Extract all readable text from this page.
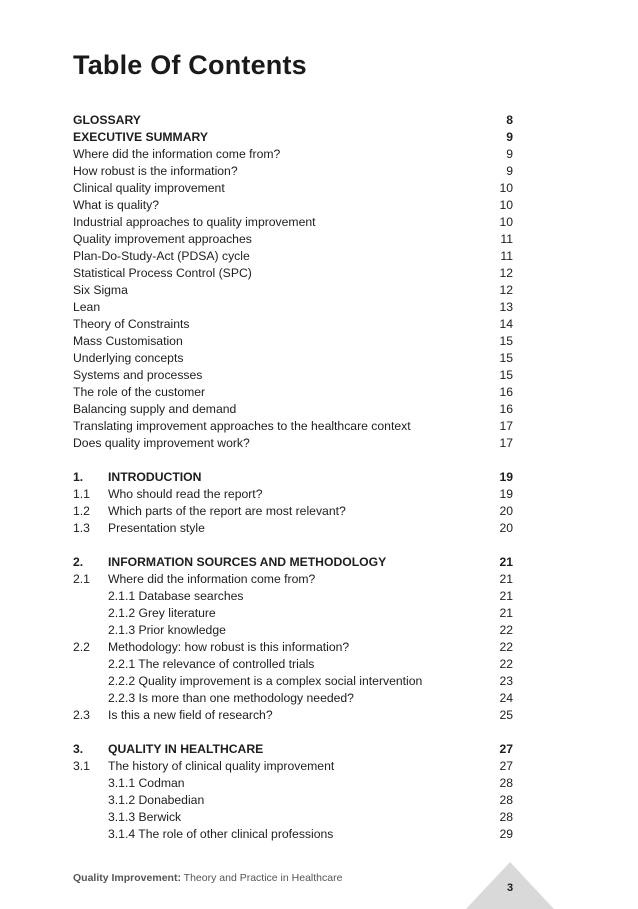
Table Of Contents
GLOSSARY	8
EXECUTIVE SUMMARY	9
Where did the information come from?	9
How robust is the information?	9
Clinical quality improvement	10
What is quality?	10
Industrial approaches to quality improvement	10
Quality improvement approaches	11
Plan-Do-Study-Act (PDSA) cycle	11
Statistical Process Control (SPC)	12
Six Sigma	12
Lean	13
Theory of Constraints	14
Mass Customisation	15
Underlying concepts	15
Systems and processes	15
The role of the customer	16
Balancing supply and demand	16
Translating improvement approaches to the healthcare context	17
Does quality improvement work?	17
1. INTRODUCTION	19
1.1 Who should read the report?	19
1.2 Which parts of the report are most relevant?	20
1.3 Presentation style	20
2. INFORMATION SOURCES AND METHODOLOGY	21
2.1 Where did the information come from?	21
2.1.1 Database searches	21
2.1.2 Grey literature	21
2.1.3 Prior knowledge	22
2.2 Methodology: how robust is this information?	22
2.2.1 The relevance of controlled trials	22
2.2.2 Quality improvement is a complex social intervention	23
2.2.3 Is more than one methodology needed?	24
2.3 Is this a new field of research?	25
3. QUALITY IN HEALTHCARE	27
3.1 The history of clinical quality improvement	27
3.1.1 Codman	28
3.1.2 Donabedian	28
3.1.3 Berwick	28
3.1.4 The role of other clinical professions	29
Quality Improvement: Theory and Practice in Healthcare
3
